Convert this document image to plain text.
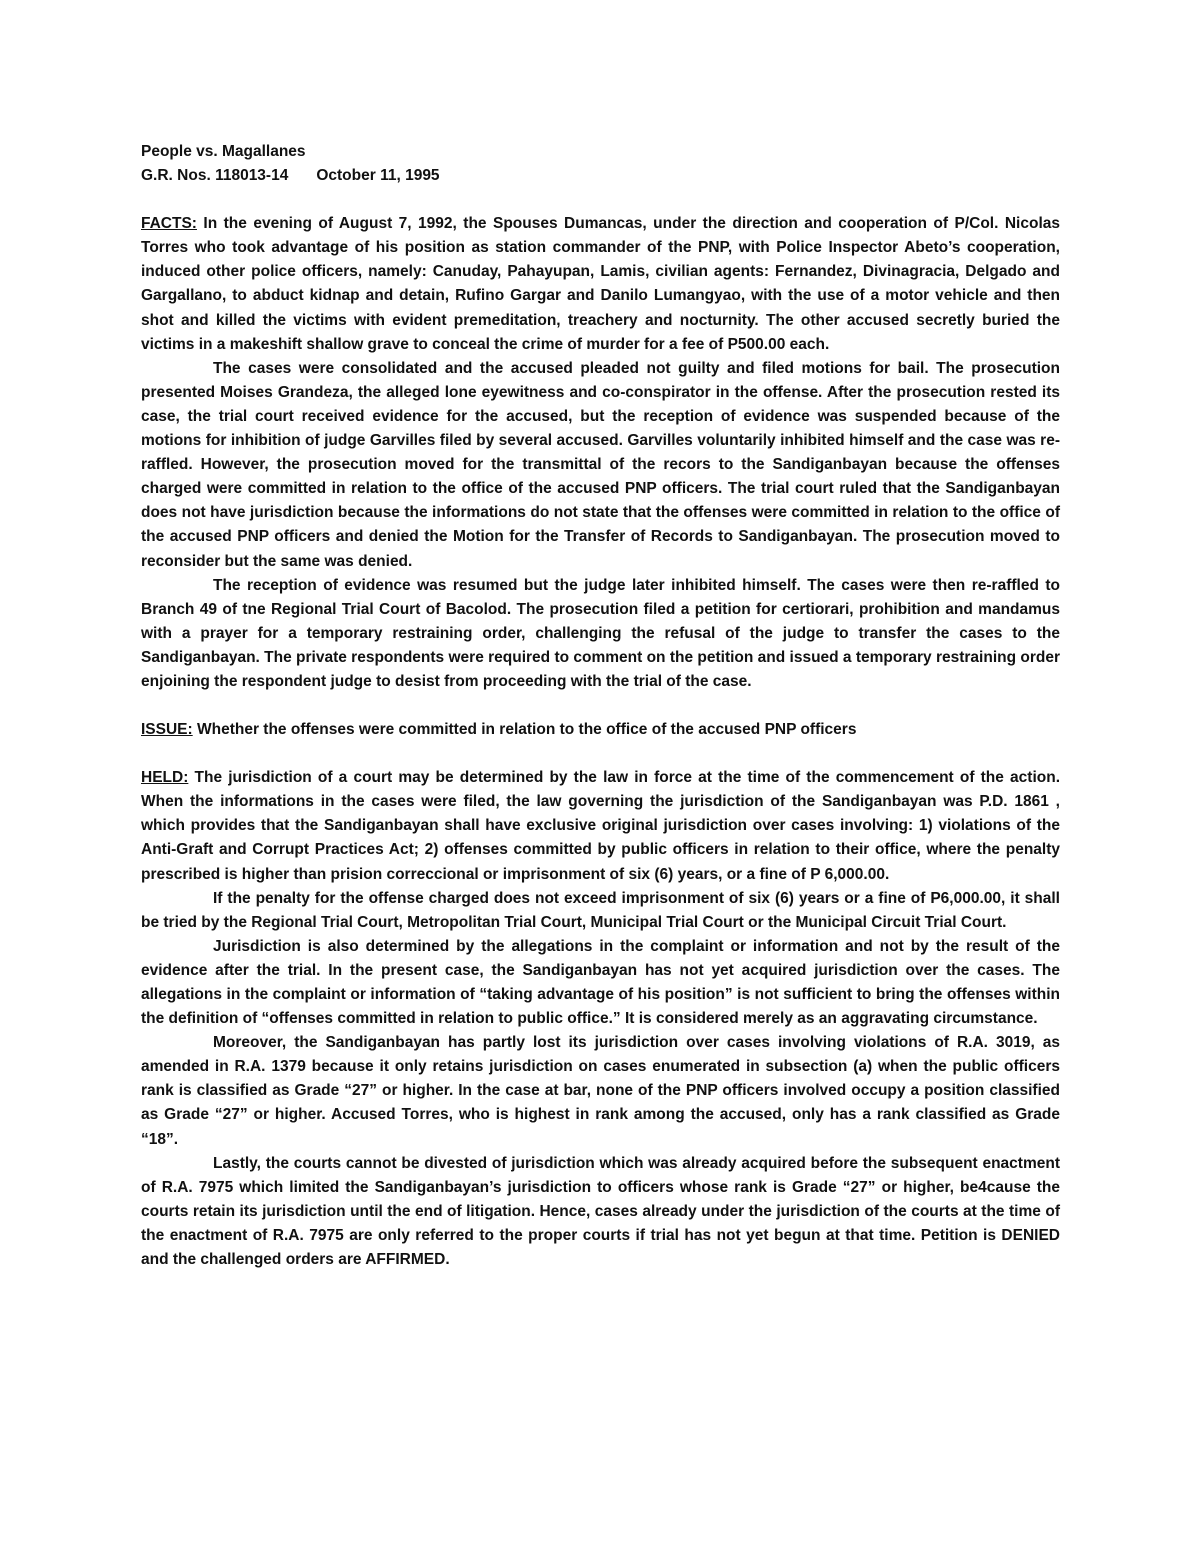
People vs. Magallanes
G.R. Nos. 118013-14 October 11, 1995

FACTS: In the evening of August 7, 1992, the Spouses Dumancas, under the direction and cooperation of P/Col. Nicolas Torres who took advantage of his position as station commander of the PNP, with Police Inspector Abeto’s cooperation, induced other police officers, namely: Canuday, Pahayupan, Lamis, civilian agents: Fernandez, Divinagracia, Delgado and Gargallano, to abduct kidnap and detain, Rufino Gargar and Danilo Lumangyao, with the use of a motor vehicle and then shot and killed the victims with evident premeditation, treachery and nocturnity. The other accused secretly buried the victims in a makeshift shallow grave to conceal the crime of murder for a fee of P500.00 each.

The cases were consolidated and the accused pleaded not guilty and filed motions for bail. The prosecution presented Moises Grandeza, the alleged lone eyewitness and co-conspirator in the offense. After the prosecution rested its case, the trial court received evidence for the accused, but the reception of evidence was suspended because of the motions for inhibition of judge Garvilles filed by several accused. Garvilles voluntarily inhibited himself and the case was re-raffled. However, the prosecution moved for the transmittal of the recors to the Sandiganbayan because the offenses charged were committed in relation to the office of the accused PNP officers. The trial court ruled that the Sandiganbayan does not have jurisdiction because the informations do not state that the offenses were committed in relation to the office of the accused PNP officers and denied the Motion for the Transfer of Records to Sandiganbayan. The prosecution moved to reconsider but the same was denied.

The reception of evidence was resumed but the judge later inhibited himself. The cases were then re-raffled to Branch 49 of tne Regional Trial Court of Bacolod. The prosecution filed a petition for certiorari, prohibition and mandamus with a prayer for a temporary restraining order, challenging the refusal of the judge to transfer the cases to the Sandiganbayan. The private respondents were required to comment on the petition and issued a temporary restraining order enjoining the respondent judge to desist from proceeding with the trial of the case.

ISSUE: Whether the offenses were committed in relation to the office of the accused PNP officers

HELD: The jurisdiction of a court may be determined by the law in force at the time of the commencement of the action. When the informations in the cases were filed, the law governing the jurisdiction of the Sandiganbayan was P.D. 1861 , which provides that the Sandiganbayan shall have exclusive original jurisdiction over cases involving: 1) violations of the Anti-Graft and Corrupt Practices Act; 2) offenses committed by public officers in relation to their office, where the penalty prescribed is higher than prision correccional or imprisonment of six (6) years, or a fine of P 6,000.00.

If the penalty for the offense charged does not exceed imprisonment of six (6) years or a fine of P6,000.00, it shall be tried by the Regional Trial Court, Metropolitan Trial Court, Municipal Trial Court or the Municipal Circuit Trial Court.

Jurisdiction is also determined by the allegations in the complaint or information and not by the result of the evidence after the trial. In the present case, the Sandiganbayan has not yet acquired jurisdiction over the cases. The allegations in the complaint or information of “taking advantage of his position” is not sufficient to bring the offenses within the definition of “offenses committed in relation to public office.” It is considered merely as an aggravating circumstance.

Moreover, the Sandiganbayan has partly lost its jurisdiction over cases involving violations of R.A. 3019, as amended in R.A. 1379 because it only retains jurisdiction on cases enumerated in subsection (a) when the public officers rank is classified as Grade “27” or higher. In the case at bar, none of the PNP officers involved occupy a position classified as Grade “27” or higher. Accused Torres, who is highest in rank among the accused, only has a rank classified as Grade “18”.

Lastly, the courts cannot be divested of jurisdiction which was already acquired before the subsequent enactment of R.A. 7975 which limited the Sandiganbayan’s jurisdiction to officers whose rank is Grade “27” or higher, be4cause the courts retain its jurisdiction until the end of litigation. Hence, cases already under the jurisdiction of the courts at the time of the enactment of R.A. 7975 are only referred to the proper courts if trial has not yet begun at that time. Petition is DENIED and the challenged orders are AFFIRMED.
